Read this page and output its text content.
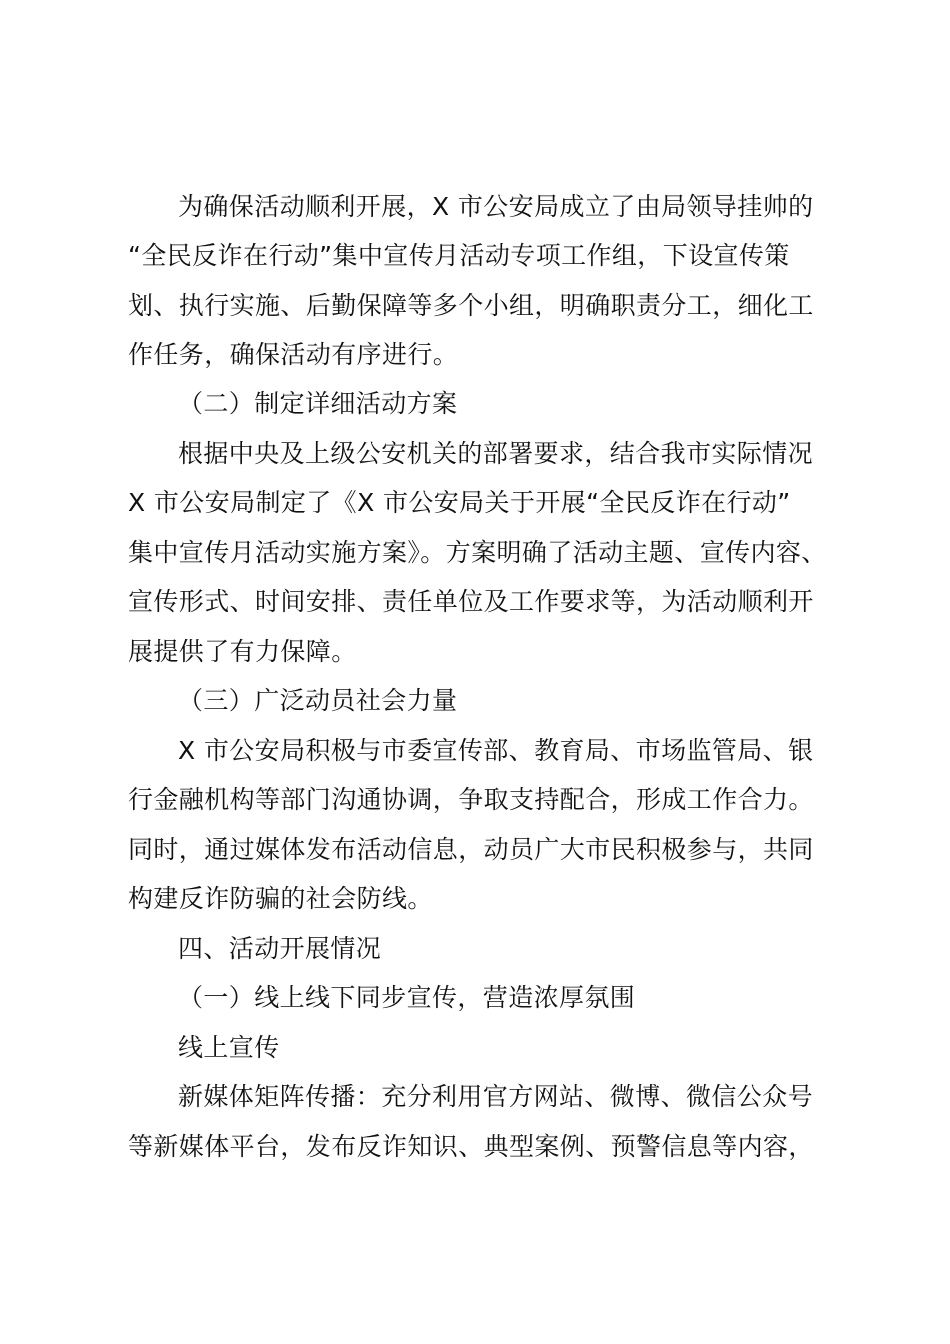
为确保活动顺利开展，X 市公安局成立了由局领导挂帅的
“全民反诈在行动”集中宣传月活动专项工作组，下设宣传策
划、执行实施、后勤保障等多个小组，明确职责分工，细化工
作任务，确保活动有序进行。
（二）制定详细活动方案
根据中央及上级公安机关的部署要求，结合我市实际情况
X 市公安局制定了《X 市公安局关于开展“全民反诈在行动”
集中宣传月活动实施方案》。方案明确了活动主题、宣传内容、
宣传形式、时间安排、责任单位及工作要求等，为活动顺利开
展提供了有力保障。
（三）广泛动员社会力量
X 市公安局积极与市委宣传部、教育局、市场监管局、银
行金融机构等部门沟通协调，争取支持配合，形成工作合力。
同时，通过媒体发布活动信息，动员广大市民积极参与，共同
构建反诈防骗的社会防线。
四、活动开展情况
（一）线上线下同步宣传，营造浓厚氛围
线上宣传
新媒体矩阵传播：充分利用官方网站、微博、微信公众号
等新媒体平台，发布反诈知识、典型案例、预警信息等内容，
